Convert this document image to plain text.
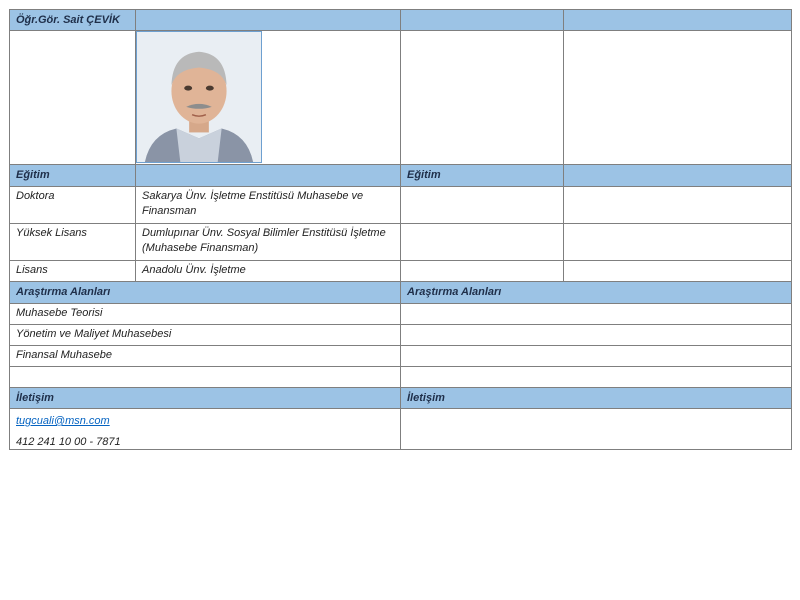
Öğr.Gör. Sait ÇEVİK
Eğitim	Eğitim
Doktora	Sakarya Ünv. İşletme Enstitüsü Muhasebe ve Finansman
Yüksek Lisans	Dumlupınar Ünv. Sosyal Bilimler Enstitüsü İşletme (Muhasebe Finansman)
Lisans	Anadolu Ünv. İşletme
Araştırma Alanları	Araştırma Alanları
Muhasebe Teorisi
Yönetim ve Maliyet Muhasebesi
Finansal Muhasebe
İletişim	İletişim
tugcuali@msn.com
412 241 10 00 - 7871
